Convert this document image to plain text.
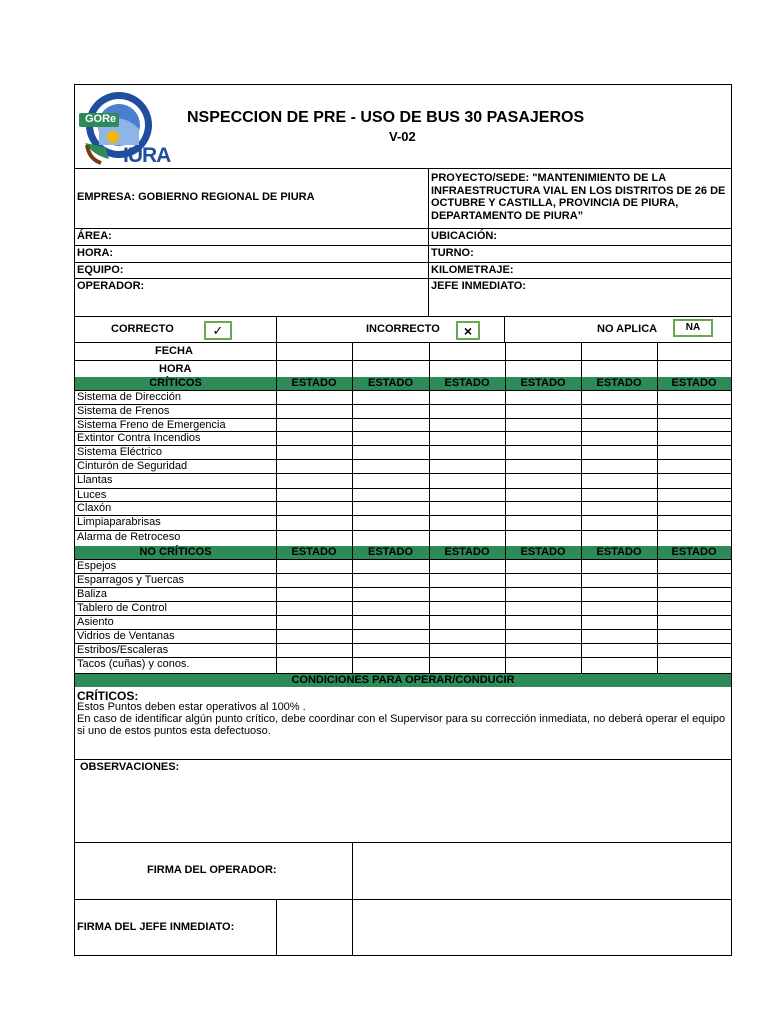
GORe
IURA
NSPECCION DE PRE - USO DE BUS 30 PASAJEROS
V-02
EMPRESA: GOBIERNO REGIONAL DE PIURA
PROYECTO/SEDE: "MANTENIMIENTO DE LA INFRAESTRUCTURA VIAL EN LOS DISTRITOS DE 26 DE OCTUBRE Y CASTILLA, PROVINCIA DE PIURA, DEPARTAMENTO DE PIURA”
ÁREA:	UBICACIÓN:
HORA:	TURNO:
EQUIPO:	KILOMETRAJE:
OPERADOR:	JEFE INMEDIATO:
CORRECTO	✓	INCORRECTO	×	NO APLICA	NA
FECHA
HORA
CRÍTICOS	ESTADO	ESTADO	ESTADO	ESTADO	ESTADO	ESTADO
Sistema de Dirección
Sistema de Frenos
Sistema Freno de Emergencia
Extintor Contra Incendios
Sistema Eléctrico
Cinturón de Seguridad
Llantas
Luces
Claxón
Limpiaparabrisas
Alarma de Retroceso
NO CRÍTICOS	ESTADO	ESTADO	ESTADO	ESTADO	ESTADO	ESTADO
Espejos
Esparragos y Tuercas
Baliza
Tablero de Control
Asiento
Vidrios de Ventanas
Estribos/Escaleras
Tacos (cuñas) y conos.
CONDICIONES PARA OPERAR/CONDUCIR
CRÍTICOS:
Estos Puntos deben estar operativos al 100% .
En caso de identificar algún punto crítico, debe coordinar con el Supervisor para su corrección inmediata, no deberá operar el equipo si uno de estos puntos esta defectuoso.
OBSERVACIONES:
FIRMA DEL OPERADOR:
FIRMA DEL JEFE INMEDIATO:
